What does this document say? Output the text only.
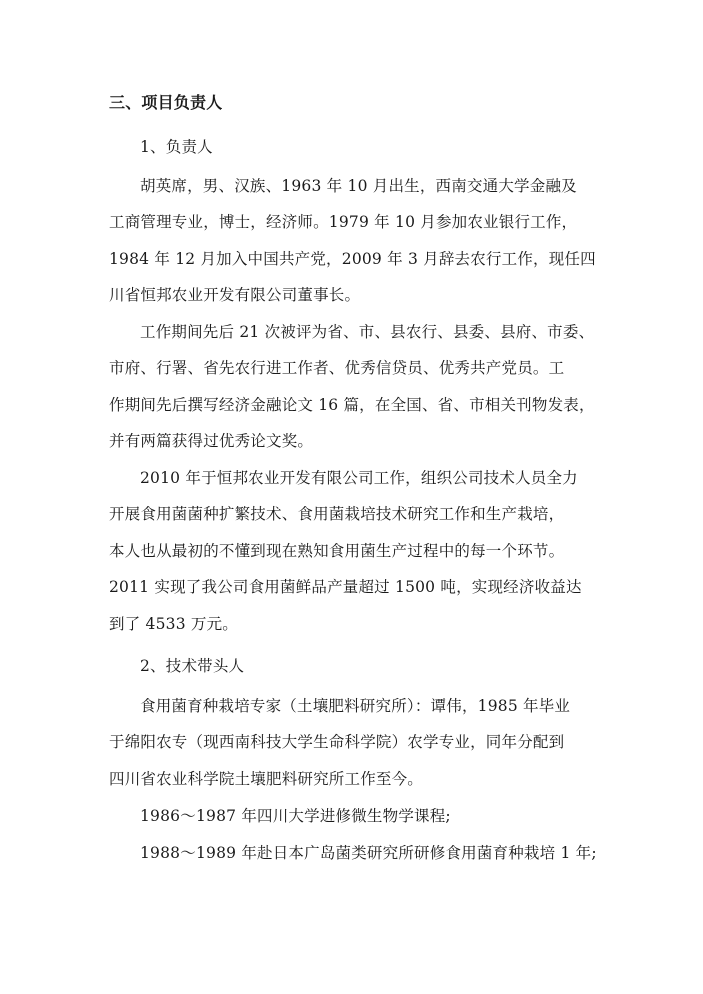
三、项目负责人
1、负责人
胡英席，男、汉族、1963 年 10 月出生，西南交通大学金融及
工商管理专业，博士，经济师。1979 年 10 月参加农业银行工作，
1984 年 12 月加入中国共产党，2009 年 3 月辞去农行工作，现任四
川省恒邦农业开发有限公司董事长。
工作期间先后 21 次被评为省、市、县农行、县委、县府、市委、
市府、行署、省先农行进工作者、优秀信贷员、优秀共产党员。工
作期间先后撰写经济金融论文 16 篇，在全国、省、市相关刊物发表，
并有两篇获得过优秀论文奖。
2010 年于恒邦农业开发有限公司工作，组织公司技术人员全力
开展食用菌菌种扩繁技术、食用菌栽培技术研究工作和生产栽培，
本人也从最初的不懂到现在熟知食用菌生产过程中的每一个环节。
2011 实现了我公司食用菌鲜品产量超过 1500 吨，实现经济收益达
到了 4533 万元。
2、技术带头人
食用菌育种栽培专家（土壤肥料研究所）：谭伟，1985 年毕业
于绵阳农专（现西南科技大学生命科学院）农学专业，同年分配到
四川省农业科学院土壤肥料研究所工作至今。
1986～1987 年四川大学进修微生物学课程;
1988～1989 年赴日本广岛菌类研究所研修食用菌育种栽培 1 年;
